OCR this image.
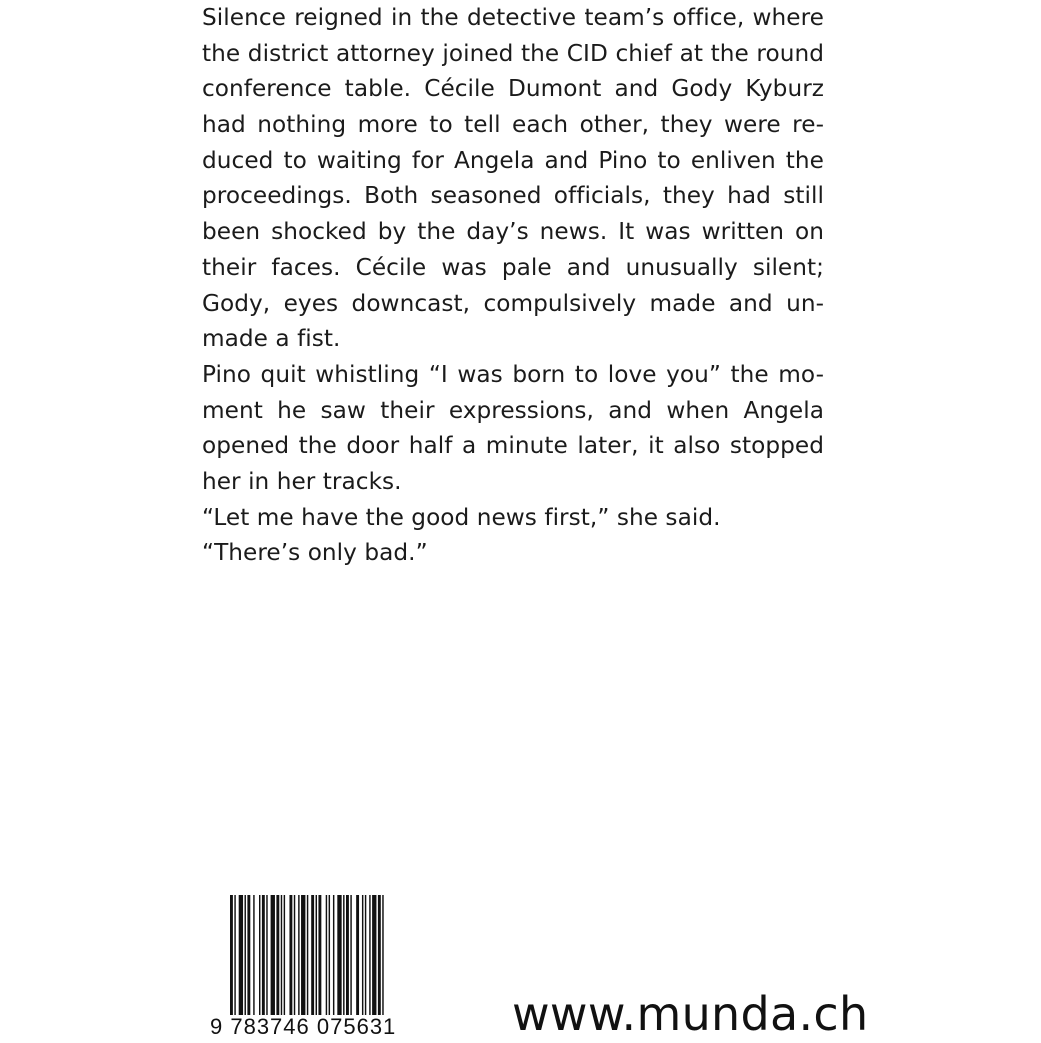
Silence reigned in the detective team’s office, where
the district attorney joined the CID chief at the round
conference table. Cécile Dumont and Gody Kyburz
had nothing more to tell each other, they were re-
duced to waiting for Angela and Pino to enliven the
proceedings. Both seasoned officials, they had still
been shocked by the day’s news. It was written on
their faces. Cécile was pale and unusually silent;
Gody, eyes downcast, compulsively made and un-
made a fist.
Pino quit whistling “I was born to love you” the mo-
ment he saw their expressions, and when Angela
opened the door half a minute later, it also stopped
her in her tracks.
“Let me have the good news first,” she said.
“There’s only bad.”
9 783746 075631	www.munda.ch
